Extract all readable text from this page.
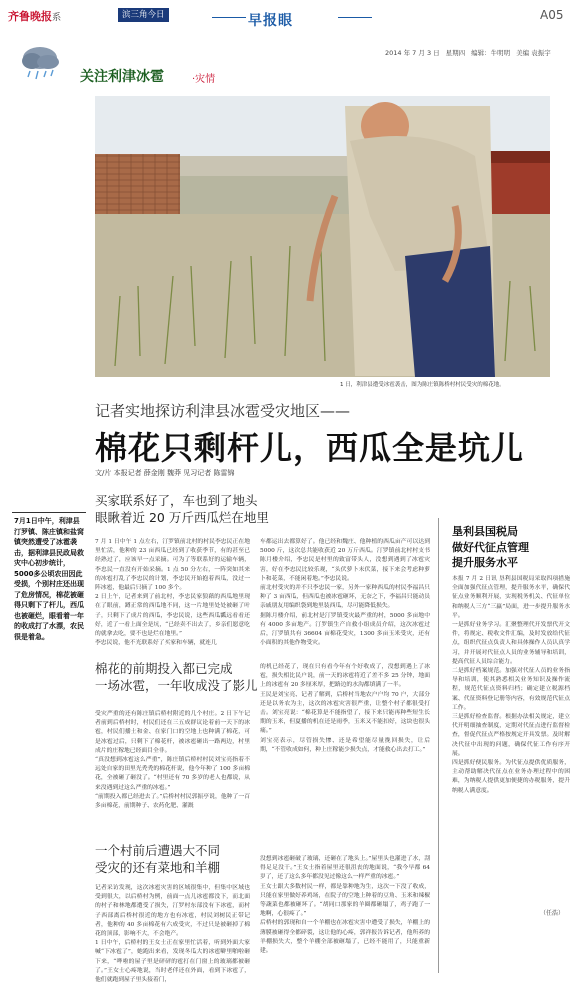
齐鲁晚报系	滨三角今日	早报眼	A05
2014 年 7 月 3 日 星期四 编辑：牛明明 美编 袁振宇
关注利津冰雹	·灾情
1 日，利津县遭受冰雹袭击，图为陈庄镇陈桥村村民受灾的棉花地。
记者实地探访利津县冰雹受灾地区——
棉花只剩杆儿，西瓜全是坑儿
文/片 本报记者 薛金刚 魏莽 见习记者 陈雷锦
买家联系好了，车也到了地头
眼瞅着近 20 万斤西瓜烂在地里
7月1日中午，利津县汀罗镇、陈庄镇和盐窝镇突然遭受了冰雹袭击，据利津县民政局救灾中心初步统计，5000多公顷农田因此受损，个别村庄还出现了危房情况，棉花被砸得只剩下了杆儿，西瓜也被砸烂，眼看着一年的收成打了水漂，农民很是着急。
7 月 1 日中午 1 点左右，汀罗镇前北村的村民李忠民正在地里忙活，他种的 23 亩西瓜已经到了收获季节，有的甚至已经熟过了，应该早一点采摘。可为了等联系好的运输车辆，李忠民一直没有开始采摘。1 点 50 分左右，一阵突如其来的冰雹打乱了李忠民的计划，李忠民开始抱着西瓜，没过一阵冰雹，他最后只摘了 100 多个。
2 日上午，记者来到了前北村，李忠民家狼藉的西瓜地里现在了眼前，蹲正常的西瓜地不同，这一片地里处处被砸了叶子，只剩下了成片的西瓜，李忠民说，这些西瓜瓤远看看还好，近了一看上面全是坑，“已经卖不出去了，乡亲们愿意吃的就拿去吃，要不也是烂在地里。”
李忠民说，他不光联系好了买家和车辆，就连几
车都运出去都算好了。他已经和魏庄、他种植的西瓜亩产可以达到 5000 斤，这次总共能收获近 20 万斤西瓜。汀罗镇前北村村支书陈月楼介绍，李忠民是村里的致富带头人，没想到遇到了冰雹灾害，好在李忠民比较乐观，“头伏萝卜末伏菜，接下来会考虑种萝卜和花菜，不能闲着地。”李忠民说。
前北村受灾的并不只李忠民一家，另外一家种西瓜的村民李福昌只种了 3 亩西瓜，但西瓜也被冰雹砸坏，无奈之下，李福昌只能动员亲戚朋友用编织袋到地里装西瓜，尽可能降低损失。
据陈月楼介绍，前北村是汀罗镇受灾最严重的村，5000 多亩地中有 4000 多亩地产。汀罗镇生产自救小组成员介绍，这次冰雹过后，汀罗镇共有 36604 亩棉花受灾，1300 多亩玉米受灾，还有小面积的其他作物受灾。
棉花的前期投入都已完成
一场冰雹，一年收成没了影儿
受灾严重的还有陈庄镇后桥村附近的几个村庄。2 日下午记者前到后桥村时，村民们还在三五成群议论着前一天下的冰雹，村民们播土和金、在家门口的空地上也种满了棉花，可是冰雹过后，只剩下了棉花杆，被冰雹砸出一路两边，村里成片的庄稼地已经面目全非。
“真没想到冰雹这么严重”，陈庄镇后桥村村民刘宝亮指着不远处自家的田里光秃秃的棉花杆说，他今年种了 100 多亩棉花，全被砸了砸没了。“村里还有 70 多岁的老人也都说，从来没遇到过这么严重的冰雹。”
“前期投入都已经进去了。”后桥村村民郭振亭说，他种了一百多亩棉花，前期种子、农药化肥、灌溉
的机已经花了，现在只有看今年有个好收成了，没想到遇上了冰雹，损失相比民户说，前一天的冰雹将近了差不多 25 分钟，地面上的冰雹有 20 多厘米厚，把路边的水沟都填满了一半。
王民是刘宝亮、记者了解到，后桥村当地农户户均 70 户，大部分还是以务农为主，这次的冰雹灾害很严重，让整个村子都很受打击。刘宝亮说：“棉花算是不能指望了，接下来只能再种些短生长期的玉米，但夏播的机在还是雨季，玉米又不能扣好，这块也很头痛。”
刘宝亮表示，尽管损失惨、还是希望能尽量挽回损失，让后期，“不管收成如何，种上庄稼能少损失点，才能救心出去打工。”
一个村前后遭遇大不同
受灾的还有菜地和羊棚
记者采访发现，这次冰雹灾害的区域很集中，但集中区域也受到很大，以后桥村为例，前面一点儿冰雹都没下，而北面的村子和林地都遭受了损失，汀罗村东部没有下冰雹，而村子西部离后桥村很近的地方也有冰雹，村民刘树民正带记者，他种的 40 多亩棉花有六成受灾，不过只是被砸掉了棉花的顶部，影响不大，不会绝产。
1 日中午，后桥村的王女士正在家里忙活着，听到外面大家喊“下冰雹了”，她跑出来看，发现冬瓜大的冰雹噼里啪啦砸下来，“哗啦的屋子里是砰砰的雹打在门窗上的玻璃都被砸了。”王女士心疼地说，当时老伴还在外面，看到下冰雹了，他们就跑到屋子里头接着门，
没想到冰雹砸破了玻璃，还砸在了地头上。”屋里头也灌进了水，刮得足足没干。”王女士指着屋里还很沮丧的地面说，“我今早都 64 岁了，还了这么多年都没见过像这么一样严重的冰雹。”
王女士跟大多数村民一样，都是靠种地为生，这次一下没了收成，只能在家里做好养鸡场，在院子的空地上种着的豆角、玉米和辣椒等蔬菜也都被砸坏了。“胡同口那家的羊圈都砸塌了，鸡子跑了一地啊，心很疼了。”
后桥村的郭现和自一个羊棚也在冰雹灾害中遭受了损失，羊棚上的薄膜被砸得全都碎裂，这让他的心疼，郭祥报告诉记者，他所养的羊棚损失大，整个羊棚全部被砸塌了，已经不能用了，只能重新建。
垦利县国税局
做好代征点管理
提升服务水平
本报 7 月 2 日讯 垦利县国税局采取四项措施全面加强代征点管理，提升服务水平，确保代征点业务顺利开展，实现税务机关、代征单位和纳税人三方“三赢”局面，进一步提升服务水平。
一是抓好业务学习。汇聚整理代开发票代开文件，将规定、税收文件汇编，及时发放给代征点，组织代征点负责人和具体操作人员认真学习，并开展对代征点人员的业务辅导和培训，提高代征人员综合能力。
二是抓好档案规范。加强对代征人员的业务指导和培训，使其熟悉相关业务知识及操作流程，规范代征点资料归档；确定建立税源档案、代征资料登记册等内容，有效规范代征点工作。
三是抓好检查监督。根据办法相关规定，建立代开明细抽查制度，定期对代征点进行监督检查，督促代征点严格按规定开具发票。及时解决代征中出现的问题，确保代征工作有序开展。
四是抓好便民服务。为代征点提供优质服务，主动帮助解决代征点在业务办理过程中的困难，为纳税人提供更加便捷的办税服务，提升纳税人满意度。
（任浩）
